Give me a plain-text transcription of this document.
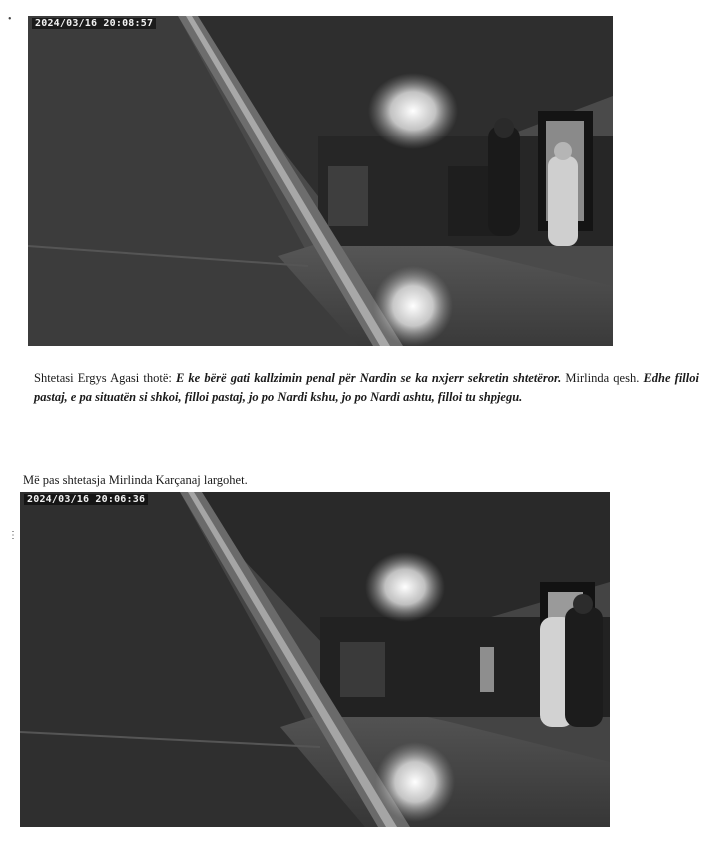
•
⋮
2024/03/16 20:08:57

Shtetasi Ergys Agasi thotë: E ke bërë gati kallzimin penal për Nardin se ka nxjerr sekretin shtetëror. Mirlinda qesh. Edhe filloi pastaj, e pa situatën si shkoi, filloi pastaj, jo po Nardi kshu, jo po Nardi ashtu, filloi tu shpjegu.

Më pas shtetasja Mirlinda Karçanaj largohet.

2024/03/16 20:06:36
